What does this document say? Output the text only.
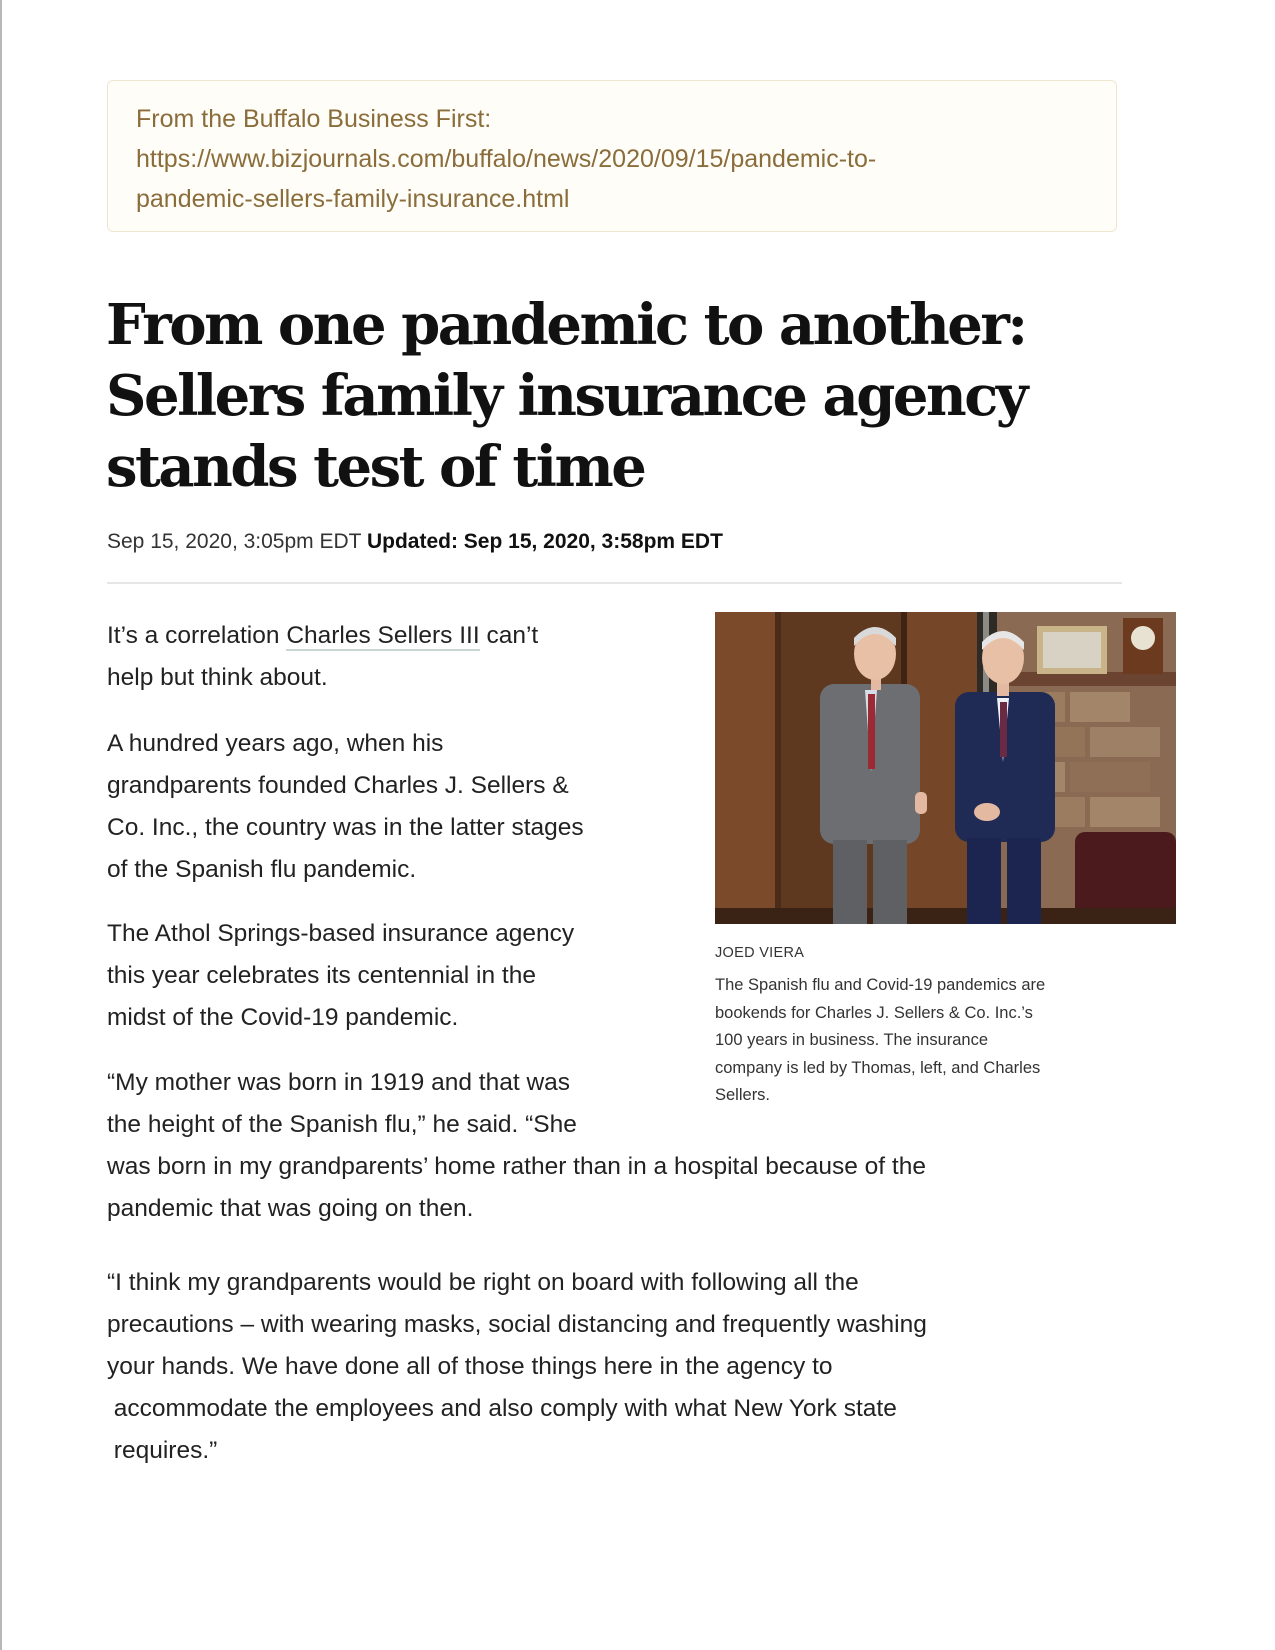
From the Buffalo Business First:
https://www.bizjournals.com/buffalo/news/2020/09/15/pandemic-to-
pandemic-sellers-family-insurance.html
From one pandemic to another:
Sellers family insurance agency
stands test of time
Sep 15, 2020, 3:05pm EDT Updated: Sep 15, 2020, 3:58pm EDT
It’s a correlation Charles Sellers III can’t
help but think about.
A hundred years ago, when his
grandparents founded Charles J. Sellers &
Co. Inc., the country was in the latter stages
of the Spanish flu pandemic.
The Athol Springs-based insurance agency
this year celebrates its centennial in the
midst of the Covid-19 pandemic.
“My mother was born in 1919 and that was
the height of the Spanish flu,” he said. “She
was born in my grandparents’ home rather than in a hospital because of the
pandemic that was going on then.
“I think my grandparents would be right on board with following all the
precautions – with wearing masks, social distancing and frequently washing
your hands. We have done all of those things here in the agency to
accommodate the employees and also comply with what New York state
requires.”
JOED VIERA
The Spanish flu and Covid-19 pandemics are
bookends for Charles J. Sellers & Co. Inc.’s
100 years in business. The insurance
company is led by Thomas, left, and Charles
Sellers.
